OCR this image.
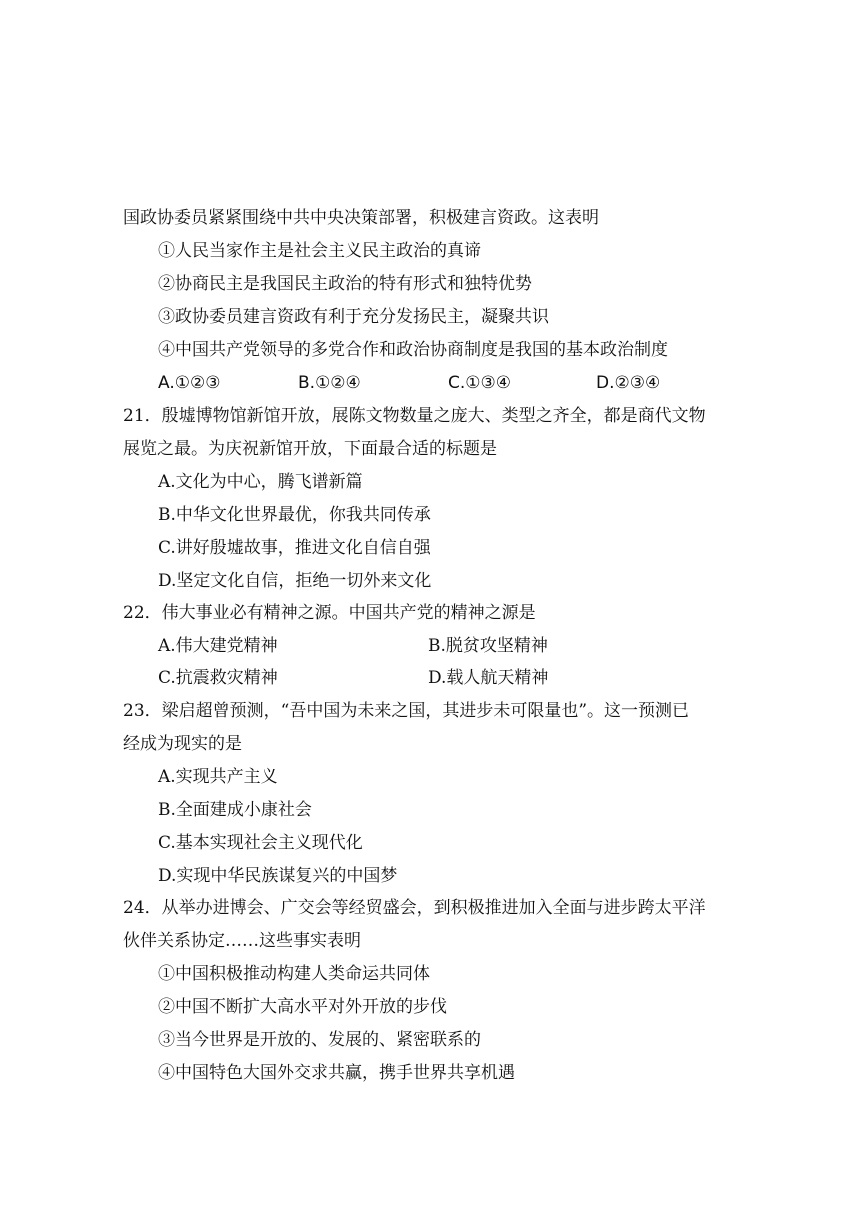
国政协委员紧紧围绕中共中央决策部署，积极建言资政。这表明
①人民当家作主是社会主义民主政治的真谛
②协商民主是我国民主政治的特有形式和独特优势
③政协委员建言资政有利于充分发扬民主，凝聚共识
④中国共产党领导的多党合作和政治协商制度是我国的基本政治制度
A.①②③	B.①②④	C.①③④	D.②③④
21．殷墟博物馆新馆开放，展陈文物数量之庞大、类型之齐全，都是商代文物
展览之最。为庆祝新馆开放，下面最合适的标题是
A.文化为中心，腾飞谱新篇
B.中华文化世界最优，你我共同传承
C.讲好殷墟故事，推进文化自信自强
D.坚定文化自信，拒绝一切外来文化
22．伟大事业必有精神之源。中国共产党的精神之源是
A.伟大建党精神	B.脱贫攻坚精神
C.抗震救灾精神	D.载人航天精神
23．梁启超曾预测，“吾中国为未来之国，其进步未可限量也”。这一预测已
经成为现实的是
A.实现共产主义
B.全面建成小康社会
C.基本实现社会主义现代化
D.实现中华民族谋复兴的中国梦
24．从举办进博会、广交会等经贸盛会，到积极推进加入全面与进步跨太平洋
伙伴关系协定……这些事实表明
①中国积极推动构建人类命运共同体
②中国不断扩大高水平对外开放的步伐
③当今世界是开放的、发展的、紧密联系的
④中国特色大国外交求共赢，携手世界共享机遇
